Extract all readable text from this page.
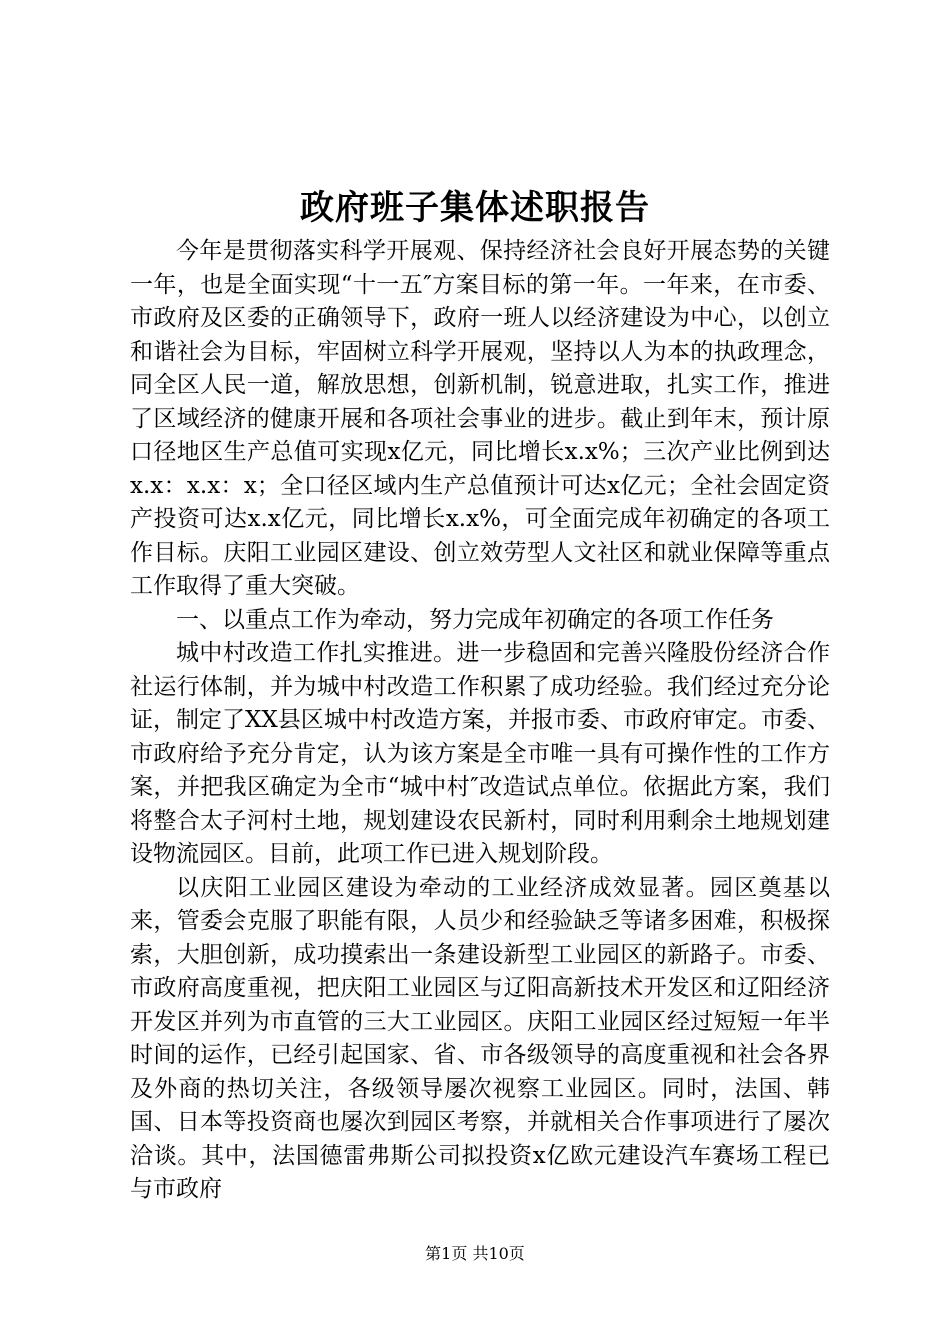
政府班子集体述职报告

今年是贯彻落实科学开展观、保持经济社会良好开展态势的关键一年，也是全面实现“十一五″方案目标的第一年。一年来，在市委、市政府及区委的正确领导下，政府一班人以经济建设为中心，以创立和谐社会为目标，牢固树立科学开展观，坚持以人为本的执政理念，同全区人民一道，解放思想，创新机制，锐意进取，扎实工作，推进了区域经济的健康开展和各项社会事业的进步。截止到年末，预计原口径地区生产总值可实现x亿元，同比增长x.x%；三次产业比例到达x.x：x.x：x；全口径区域内生产总值预计可达x亿元；全社会固定资产投资可达x.x亿元，同比增长x.x%，可全面完成年初确定的各项工作目标。庆阳工业园区建设、创立效劳型人文社区和就业保障等重点工作取得了重大突破。

一、以重点工作为牵动，努力完成年初确定的各项工作任务

城中村改造工作扎实推进。进一步稳固和完善兴隆股份经济合作社运行体制，并为城中村改造工作积累了成功经验。我们经过充分论证，制定了XX县区城中村改造方案，并报市委、市政府审定。市委、市政府给予充分肯定，认为该方案是全市唯一具有可操作性的工作方案，并把我区确定为全市“城中村″改造试点单位。依据此方案，我们将整合太子河村土地，规划建设农民新村，同时利用剩余土地规划建设物流园区。目前，此项工作已进入规划阶段。

以庆阳工业园区建设为牵动的工业经济成效显著。园区奠基以来，管委会克服了职能有限，人员少和经验缺乏等诸多困难，积极探索，大胆创新，成功摸索出一条建设新型工业园区的新路子。市委、市政府高度重视，把庆阳工业园区与辽阳高新技术开发区和辽阳经济开发区并列为市直管的三大工业园区。庆阳工业园区经过短短一年半时间的运作，已经引起国家、省、市各级领导的高度重视和社会各界及外商的热切关注，各级领导屡次视察工业园区。同时，法国、韩国、日本等投资商也屡次到园区考察，并就相关合作事项进行了屡次洽谈。其中，法国德雷弗斯公司拟投资x亿欧元建设汽车赛场工程已与市政府

第1页 共10页
